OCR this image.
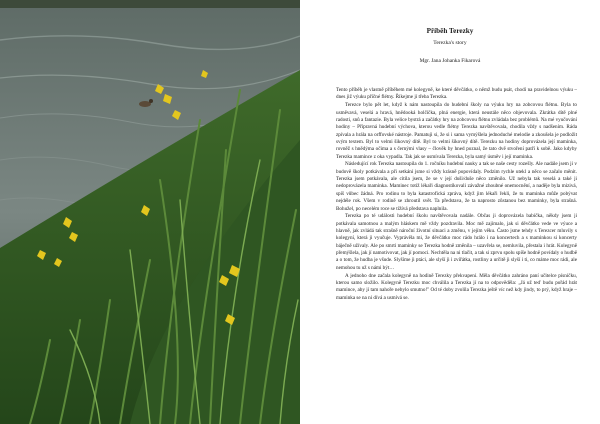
Příběh Terezky
Terezka's story
Mgr. Jana Johanka Fikarová

Tento příběh je vlastně příběhem mé kolegyně, ke které děvčátko, o němž budu psát, chodí na pravidelnou výuku – dnes již výuku příčné flétny. Říkejme jí třeba Terezka.

Terezce bylo pět let, když k nám nastoupila do hudební školy na výuku hry na zobcovou flétnu. Byla to usměvavá, veselá a hravá, hnědooká holčička, plná energie, která neustále něco objevovala. Zkrátka dítě plné radosti, snů a fantazie. Byla velice bystrá a začátky hry na zobcovou flétnu zvládala bez problémů. Na mé vyučování hodiny – Přípravná hudební výchova, kterou vedle flétny Terezka navštěvovala, chodila vždy s nadšením. Ráda zpívala a hrála na orffovské nástroje. Pamatuji si, že si i sama vymýšlela jednoduché melodie a zkoušela je podložit svým textem. Byl to velmi šikovný dítě. Byl to velmi šikovný dítě. Terezku na hodiny doprovázela její maminka, rovněž s hnědýma očima a s černými vlasy – člověk by hned poznal, že tato dvě stvoření patří k sobě. Jako kdyby Terezka mamince z oka vypadla. Tak jak se usmívala Terezka, byla samý úsměv i její maminka.

Následující rok Terezka nastoupila do 1. ročníku hudební nauky a tak se naše cesty rozešly. Ale nadále jsem ji v budově školy potkávala a při setkání jsme si vždy krásně popovídaly. Podzim rychle utekl a něco se začalo měnit. Terezka jsem potkávala, ale cítila jsem, že se v její duši/duše něco změnilo. Už nebyla tak veselá a také ji nedoprovázela maminka. Maminec totiž lékaři diagnostikovali závažné zhoubné onemocnění, a naděje byla mizivá, spíš vůbec žádná. Pro rodinu to byla katastrofická zpráva, když jim lékaři řekli, že tu maminka může pobývat nejdéle rok. Všem v rodině se zhroutil svět. Ta představa, že ta naprosto zůstanou bez maminky, byla strašná. Bohužel, po necelém roce se tížívá představa naplnila.

Terezka po té události hudební školu navštěvovala nadále. Občas ji doprovázela babička, někdy jsem ji potkávala samotnou a malým hláskem mě vždy pozdravila. Moc mě zajímalo, jak si děvčátko vede ve výuce a hlavně, jak zvládá tak strašně nároční životní situaci a změnu, v jejím věku. Často jsme tehdy s Terezcer mluvily s kolegyní, která ji vyučuje. Vyprávěla mi, že děvčátko moc rádo hrálo i na koncertech a s maminkou si koncerty báječně užívaly. Ale po smrti maminky se Terezka hodně změnila – uzavřela se, nemluvila, přestala i hrát. Kolegyně přemýšlela, jak jí namotivovat, jak jí pomoci. Nechtěla na ni tlačit, a tak si zprvu spolu spíše hodně povídaly o hudbě a o tom, že hudba je všude. Slyšíme ji ptáci, ale slyší ji i zvířátka, rostliny a určitě ji slyší i ti, co máme moc rádi, ale nemohou tu už s námi být…

A jednoho dne začala kolegyně na hodině Terezky překvapení. Měla děvčátko zahráno paní učitelce písničku, kterou samo složilo. Kolegyně Terezku moc chválila a Terezka jí na to odpověděla: „Já už teď budu pořád hrát mamince, aby jí tam nahoře nebylo smutno!" Od té doby zvolila Terezka ještě víc než kdy jindy, to prý, když hraje – maminka se na ni dívá a usmívá se.
